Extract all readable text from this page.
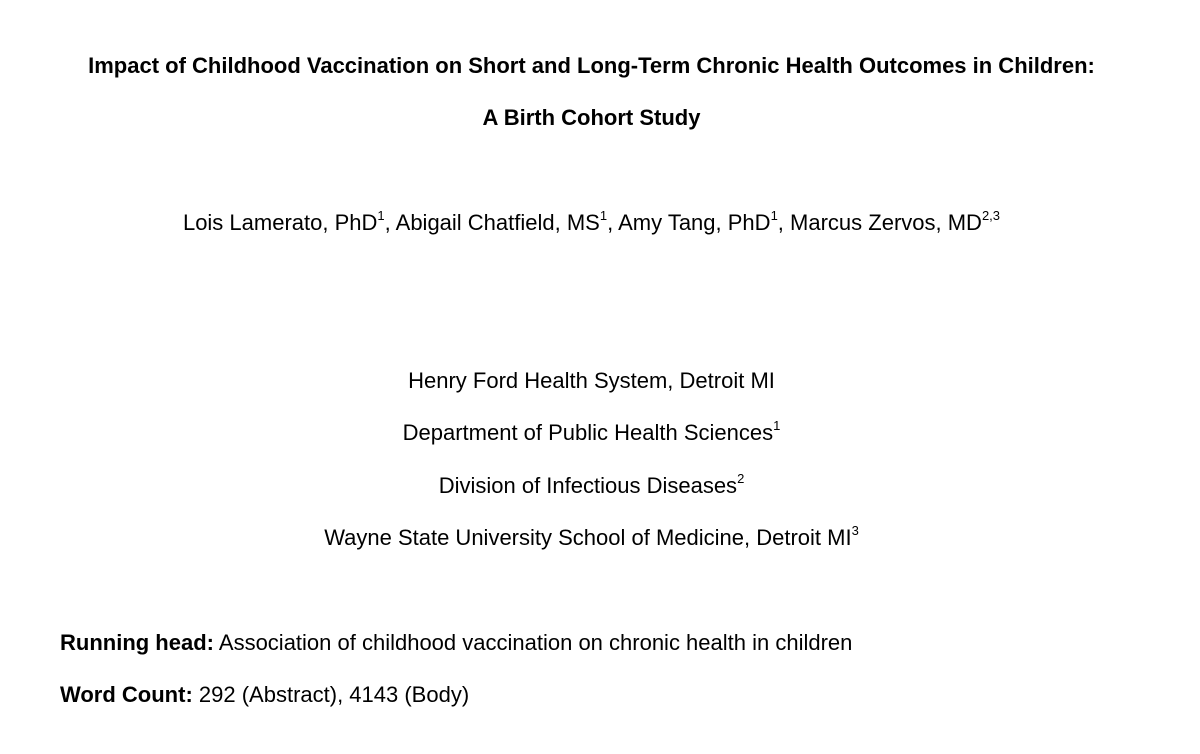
Impact of Childhood Vaccination on Short and Long-Term Chronic Health Outcomes in Children:
A Birth Cohort Study
Lois Lamerato, PhD$^1$, Abigail Chatfield, $MS^1$, Amy Tang, PhD$^1$, Marcus Zervos, MD$^{2,3}$
Henry Ford Health System, Detroit MI
Department of Public Health Sciences$^1$
Division of Infectious Diseases$^2$
Wayne State University School of Medicine, Detroit $MI^3$
Running head: Association of childhood vaccination on chronic health in children
Word Count: 292 (Abstract), 4143 (Body)
